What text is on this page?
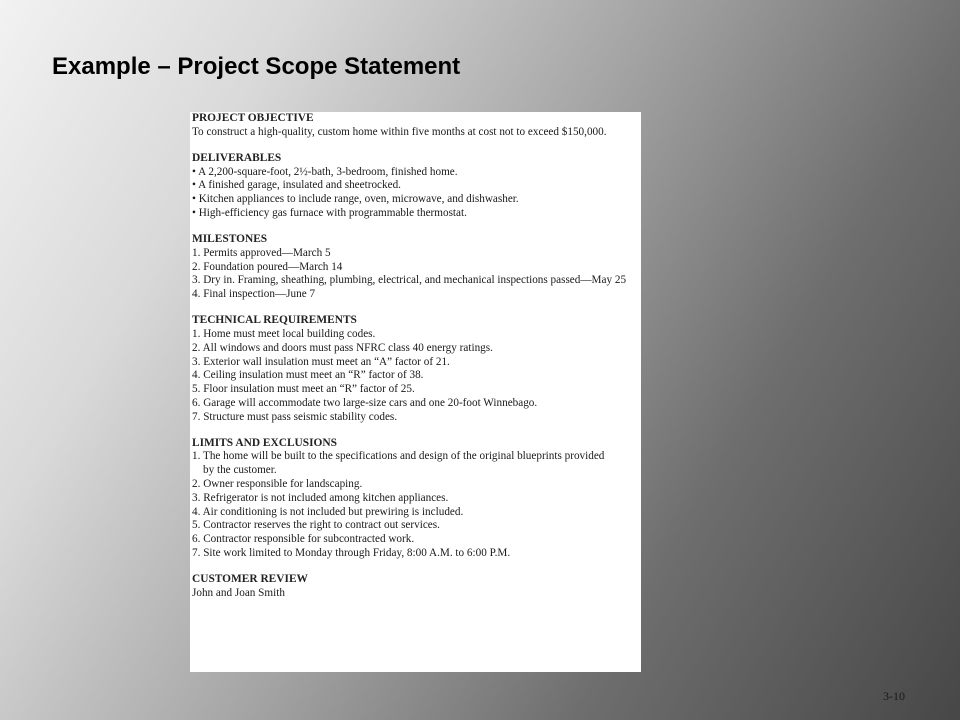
Example – Project Scope Statement
PROJECT OBJECTIVE
To construct a high-quality, custom home within five months at cost not to exceed $150,000.
DELIVERABLES
• A 2,200-square-foot, 2½-bath, 3-bedroom, finished home.
• A finished garage, insulated and sheetrocked.
• Kitchen appliances to include range, oven, microwave, and dishwasher.
• High-efficiency gas furnace with programmable thermostat.
MILESTONES
1. Permits approved—March 5
2. Foundation poured—March 14
3. Dry in. Framing, sheathing, plumbing, electrical, and mechanical inspections passed—May 25
4. Final inspection—June 7
TECHNICAL REQUIREMENTS
1. Home must meet local building codes.
2. All windows and doors must pass NFRC class 40 energy ratings.
3. Exterior wall insulation must meet an “A” factor of 21.
4. Ceiling insulation must meet an “R” factor of 38.
5. Floor insulation must meet an “R” factor of 25.
6. Garage will accommodate two large-size cars and one 20-foot Winnebago.
7. Structure must pass seismic stability codes.
LIMITS AND EXCLUSIONS
1. The home will be built to the specifications and design of the original blueprints provided by the customer.
2. Owner responsible for landscaping.
3. Refrigerator is not included among kitchen appliances.
4. Air conditioning is not included but prewiring is included.
5. Contractor reserves the right to contract out services.
6. Contractor responsible for subcontracted work.
7. Site work limited to Monday through Friday, 8:00 A.M. to 6:00 P.M.
CUSTOMER REVIEW
John and Joan Smith
3-10
